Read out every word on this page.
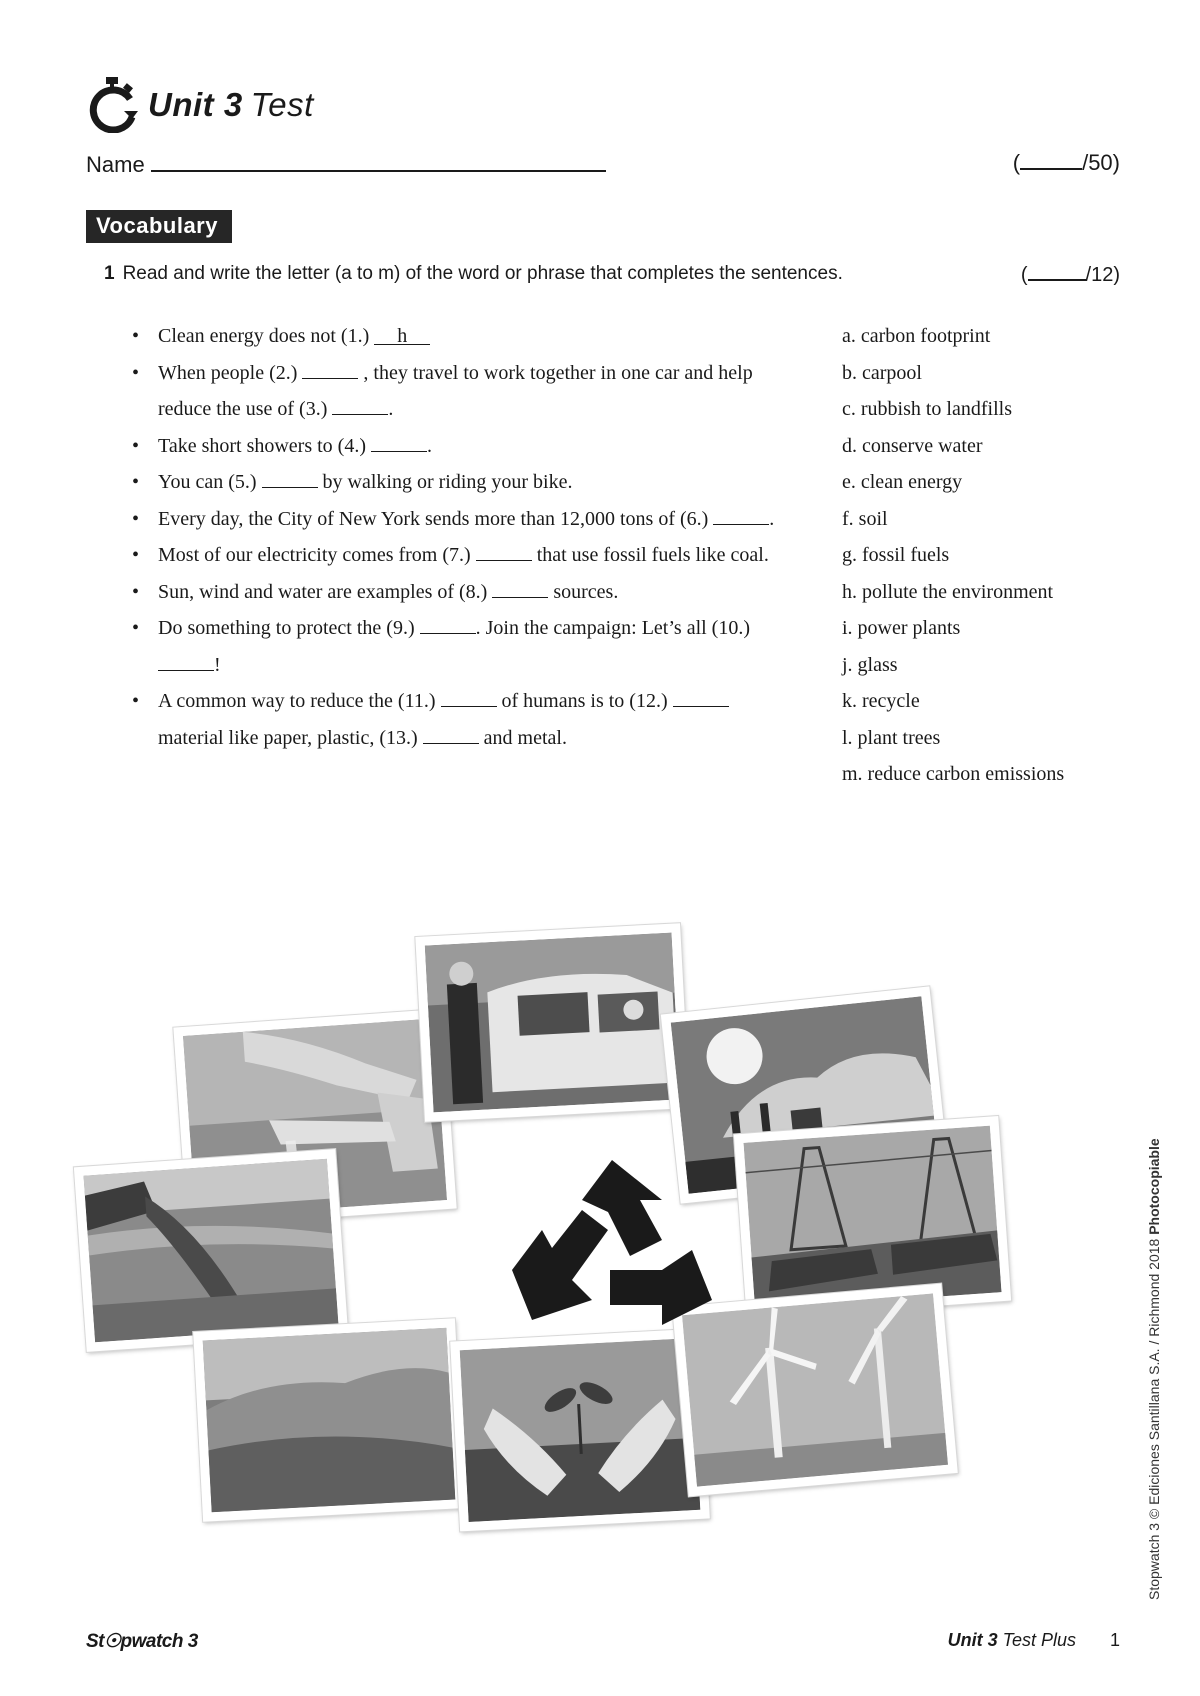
Unit 3 Test
Name	(	/50)
Vocabulary
1 Read and write the letter (a to m) of the word or phrase that completes the sentences.	(	/12)
• Clean energy does not (1.) h
• When people (2.)	, they travel to work together in one car and help reduce the use of (3.)	.
• Take short showers to (4.)	.
• You can (5.)	by walking or riding your bike.
• Every day, the City of New York sends more than 12,000 tons of (6.)	.
• Most of our electricity comes from (7.)	that use fossil fuels like coal.
• Sun, wind and water are examples of (8.)	sources.
• Do something to protect the (9.)	. Join the campaign: Let’s all (10.) !
• A common way to reduce the (11.)	of humans is to (12.)  material like paper, plastic, (13.)	and metal.
a. carbon footprint
b. carpool
c. rubbish to landfills
d. conserve water
e. clean energy
f. soil
g. fossil fuels
h. pollute the environment
i. power plants
j. glass
k. recycle
l. plant trees
m. reduce carbon emissions
Stopwatch 3 © Ediciones Santillana S.A. / Richmond 2018 Photocopiable
St☉pwatch 3	Unit 3 Test Plus 1
